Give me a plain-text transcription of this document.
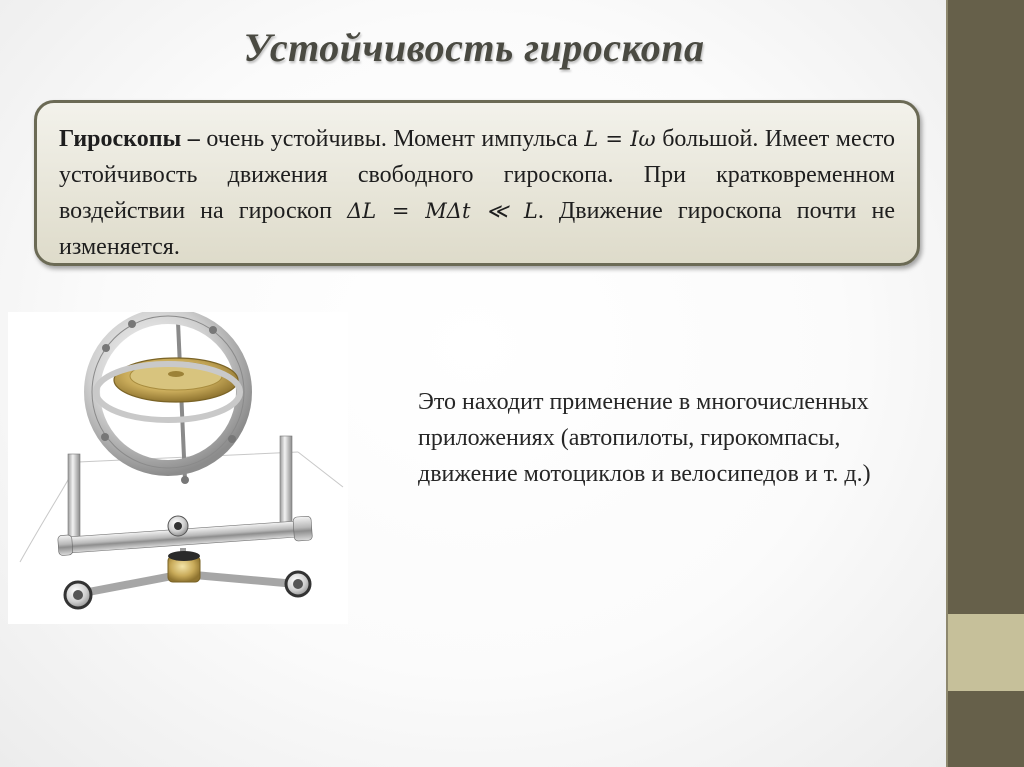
Устойчивость гироскопа
Гироскопы – очень устойчивы. Момент импульса L = Iω большой. Имеет место устойчивость движения свободного гироскопа. При кратковременном воздействии на гироскоп ΔL = MΔt ≪ L. Движение гироскопа почти не изменяется.
Это находит применение в многочисленных приложениях (автопилоты, гирокомпасы, движение мотоциклов и велосипедов и т. д.)
